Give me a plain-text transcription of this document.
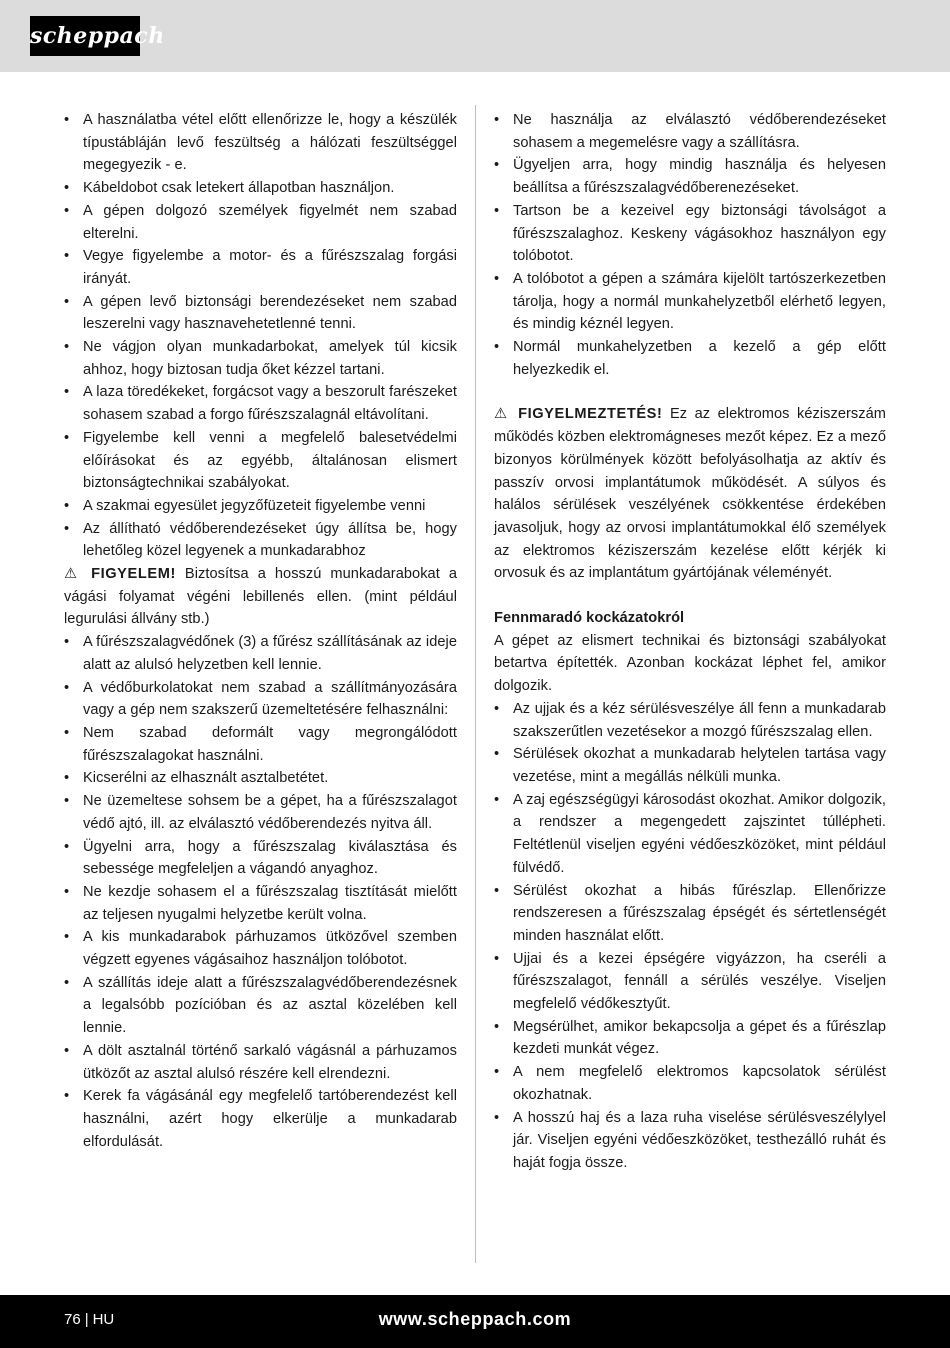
scheppach
• A használatba vétel előtt ellenőrizze le, hogy a készülék típustábláján levő feszültség a hálózati feszültséggel megegyezik - e.
• Kábeldobot csak letekert állapotban használjon.
• A gépen dolgozó személyek figyelmét nem szabad elterelni.
• Vegye figyelembe a motor- és a fűrészszalag forgási irányát.
• A gépen levő biztonsági berendezéseket nem szabad leszerelni vagy hasznavehetetlenné tenni.
• Ne vágjon olyan munkadarbokat, amelyek túl kicsik ahhoz, hogy biztosan tudja őket kézzel tartani.
• A laza töredékeket, forgácsot vagy a beszorult farészeket sohasem szabad a forgo fűrészszalagnál eltávolítani.
• Figyelembe kell venni a megfelelő balesetvédelmi előírásokat és az egyébb, általánosan elismert biztonságtechnikai szabályokat.
• A szakmai egyesület jegyzőfüzeteit figyelembe venni
• Az állítható védőberendezéseket úgy állítsa be, hogy lehetőleg közel legyenek a munkadarabhoz

⚠ FIGYELEM! Biztosítsa a hosszú munkadarabokat a vágási folyamat végéni lebillenés ellen. (mint például legurulási állvány stb.)

• A fűrészszalagvédőnek (3) a fűrész szállításának az ideje alatt az alulsó helyzetben kell lennie.
• A védőburkolatokat nem szabad a szállítmányozására vagy a gép nem szakszerű üzemeltetésére felhasználni:
• Nem szabad deformált vagy megrongálódott fűrészszalagokat használni.
• Kicserélni az elhasznált asztalbetétet.
• Ne üzemeltese sohsem be a gépet, ha a fűrészszalagot védő ajtó, ill. az elválasztó védőberendezés nyitva áll.
• Ügyelni arra, hogy a fűrészszalag kiválasztása és sebessége megfeleljen a vágandó anyaghoz.
• Ne kezdje sohasem el a fűrészszalag tisztítását mielőtt az teljesen nyugalmi helyzetbe került volna.
• A kis munkadarabok párhuzamos ütközővel szemben végzett egyenes vágásaihoz használjon tolóbotot.
• A szállítás ideje alatt a fűrészszalagvédőberendezésnek a legalsóbb pozícióban és az asztal közelében kell lennie.
• A dölt asztalnál történő sarkaló vágásnál a párhuzamos ütközőt az asztal alulsó részére kell elrendezni.
• Kerek fa vágásánál egy megfelelő tartóberendezést kell használni, azért hogy elkerülje a munkadarab elfordulását.
• Ne használja az elválasztó védőberendezéseket sohasem a megemelésre vagy a szállításra.
• Ügyeljen arra, hogy mindig használja és helyesen beállítsa a fűrészszalagvédőberenezéseket.
• Tartson be a kezeivel egy biztonsági távolságot a fűrészszalaghoz. Keskeny vágásokhoz használyon egy tolóbotot.
• A tolóbotot a gépen a számára kijelölt tartószerkezetben tárolja, hogy a normál munkahelyzetből elérhető legyen, és mindig kéznél legyen.
• Normál munkahelyzetben a kezelő a gép előtt helyezkedik el.

⚠ FIGYELMEZTETÉS! Ez az elektromos kéziszerszám működés közben elektromágneses mezőt képez. Ez a mező bizonyos körülmények között befolyásolhatja az aktív és passzív orvosi implantátumok működését. A súlyos és halálos sérülések veszélyének csökkentése érdekében javasoljuk, hogy az orvosi implantátumokkal élő személyek az elektromos kéziszerszám kezelése előtt kérjék ki orvosuk és az implantátum gyártójának véleményét.

Fennmaradó kockázatokról

A gépet az elismert technikai és biztonsági szabályokat betartva építették. Azonban kockázat léphet fel, amikor dolgozik.

• Az ujjak és a kéz sérülésveszélye áll fenn a munkadarab szakszerűtlen vezetésekor a mozgó fűrészszalag ellen.
• Sérülések okozhat a munkadarab helytelen tartása vagy vezetése, mint a megállás nélküli munka.
• A zaj egészségügyi károsodást okozhat. Amikor dolgozik, a rendszer a megengedett zajszintet túllépheti. Feltétlenül viseljen egyéni védőeszközöket, mint például fülvédő.
• Sérülést okozhat a hibás fűrészlap. Ellenőrizze rendszeresen a fűrészszalag épségét és sértetlenségét minden használat előtt.
• Ujjai és a kezei épségére vigyázzon, ha cseréli a fűrészszalagot, fennáll a sérülés veszélye. Viseljen megfelelő védőkesztyűt.
• Megsérülhet, amikor bekapcsolja a gépet és a fűrészlap kezdeti munkát végez.
• A nem megfelelő elektromos kapcsolatok sérülést okozhatnak.
• A hosszú haj és a laza ruha viselése sérülésveszélylyel jár. Viseljen egyéni védőeszközöket, testhezálló ruhát és haját fogja össze.
76 | HU	www.scheppach.com
